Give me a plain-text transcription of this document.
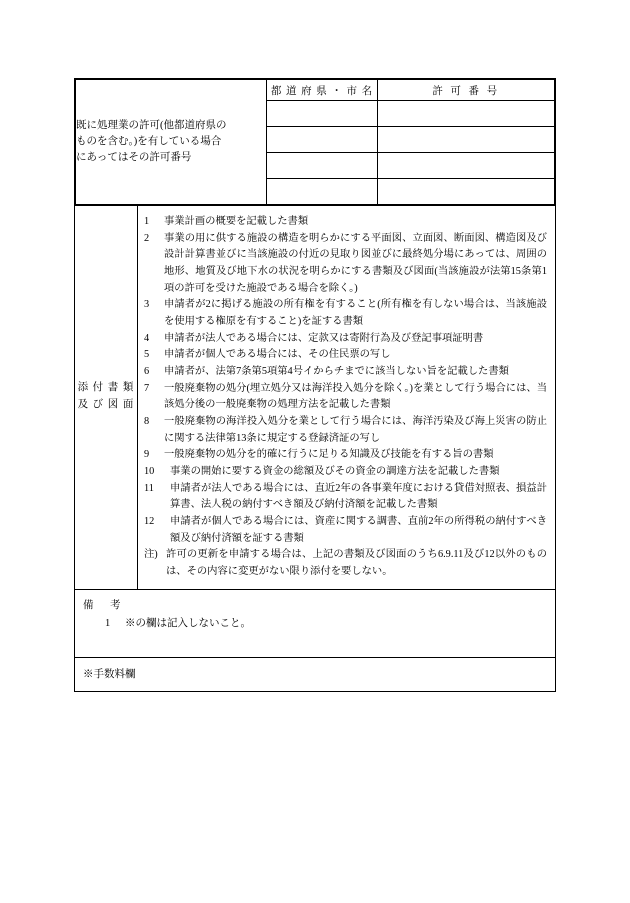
既に処理業の許可(他都道府県の
ものを含む。)を有している場合
にあってはその許可番号	都 道 府 県 ・ 市 名	許 可 番 号

添 付 書 類
及 び 図 面
1	事業計画の概要を記載した書類
2	事業の用に供する施設の構造を明らかにする平面図、立面図、断面図、構造図及び設計計算書並びに当該施設の付近の見取り図並びに最終処分場にあっては、周囲の地形、地質及び地下水の状況を明らかにする書類及び図面(当該施設が法第15条第1項の許可を受けた施設である場合を除く。)
3	申請者が2に掲げる施設の所有権を有すること(所有権を有しない場合は、当該施設を使用する権原を有すること)を証する書類
4	申請者が法人である場合には、定款又は寄附行為及び登記事項証明書
5	申請者が個人である場合には、その住民票の写し
6	申請者が、法第7条第5項第4号イからチまでに該当しない旨を記載した書類
7	一般廃棄物の処分(埋立処分又は海洋投入処分を除く。)を業として行う場合には、当該処分後の一般廃棄物の処理方法を記載した書類
8	一般廃棄物の海洋投入処分を業として行う場合には、海洋汚染及び海上災害の防止に関する法律第13条に規定する登録済証の写し
9	一般廃棄物の処分を的確に行うに足りる知識及び技能を有する旨の書類
10	事業の開始に要する資金の総額及びその資金の調達方法を記載した書類
11	申請者が法人である場合には、直近2年の各事業年度における貸借対照表、損益計算書、法人税の納付すべき額及び納付済額を記載した書類
12	申請者が個人である場合には、資産に関する調書、直前2年の所得税の納付すべき額及び納付済額を証する書類
注) 許可の更新を申請する場合は、上記の書類及び図面のうち6.9.11及び12以外のものは、その内容に変更がない限り添付を要しない。
備　考
1	※の欄は記入しないこと。
※手数料欄
